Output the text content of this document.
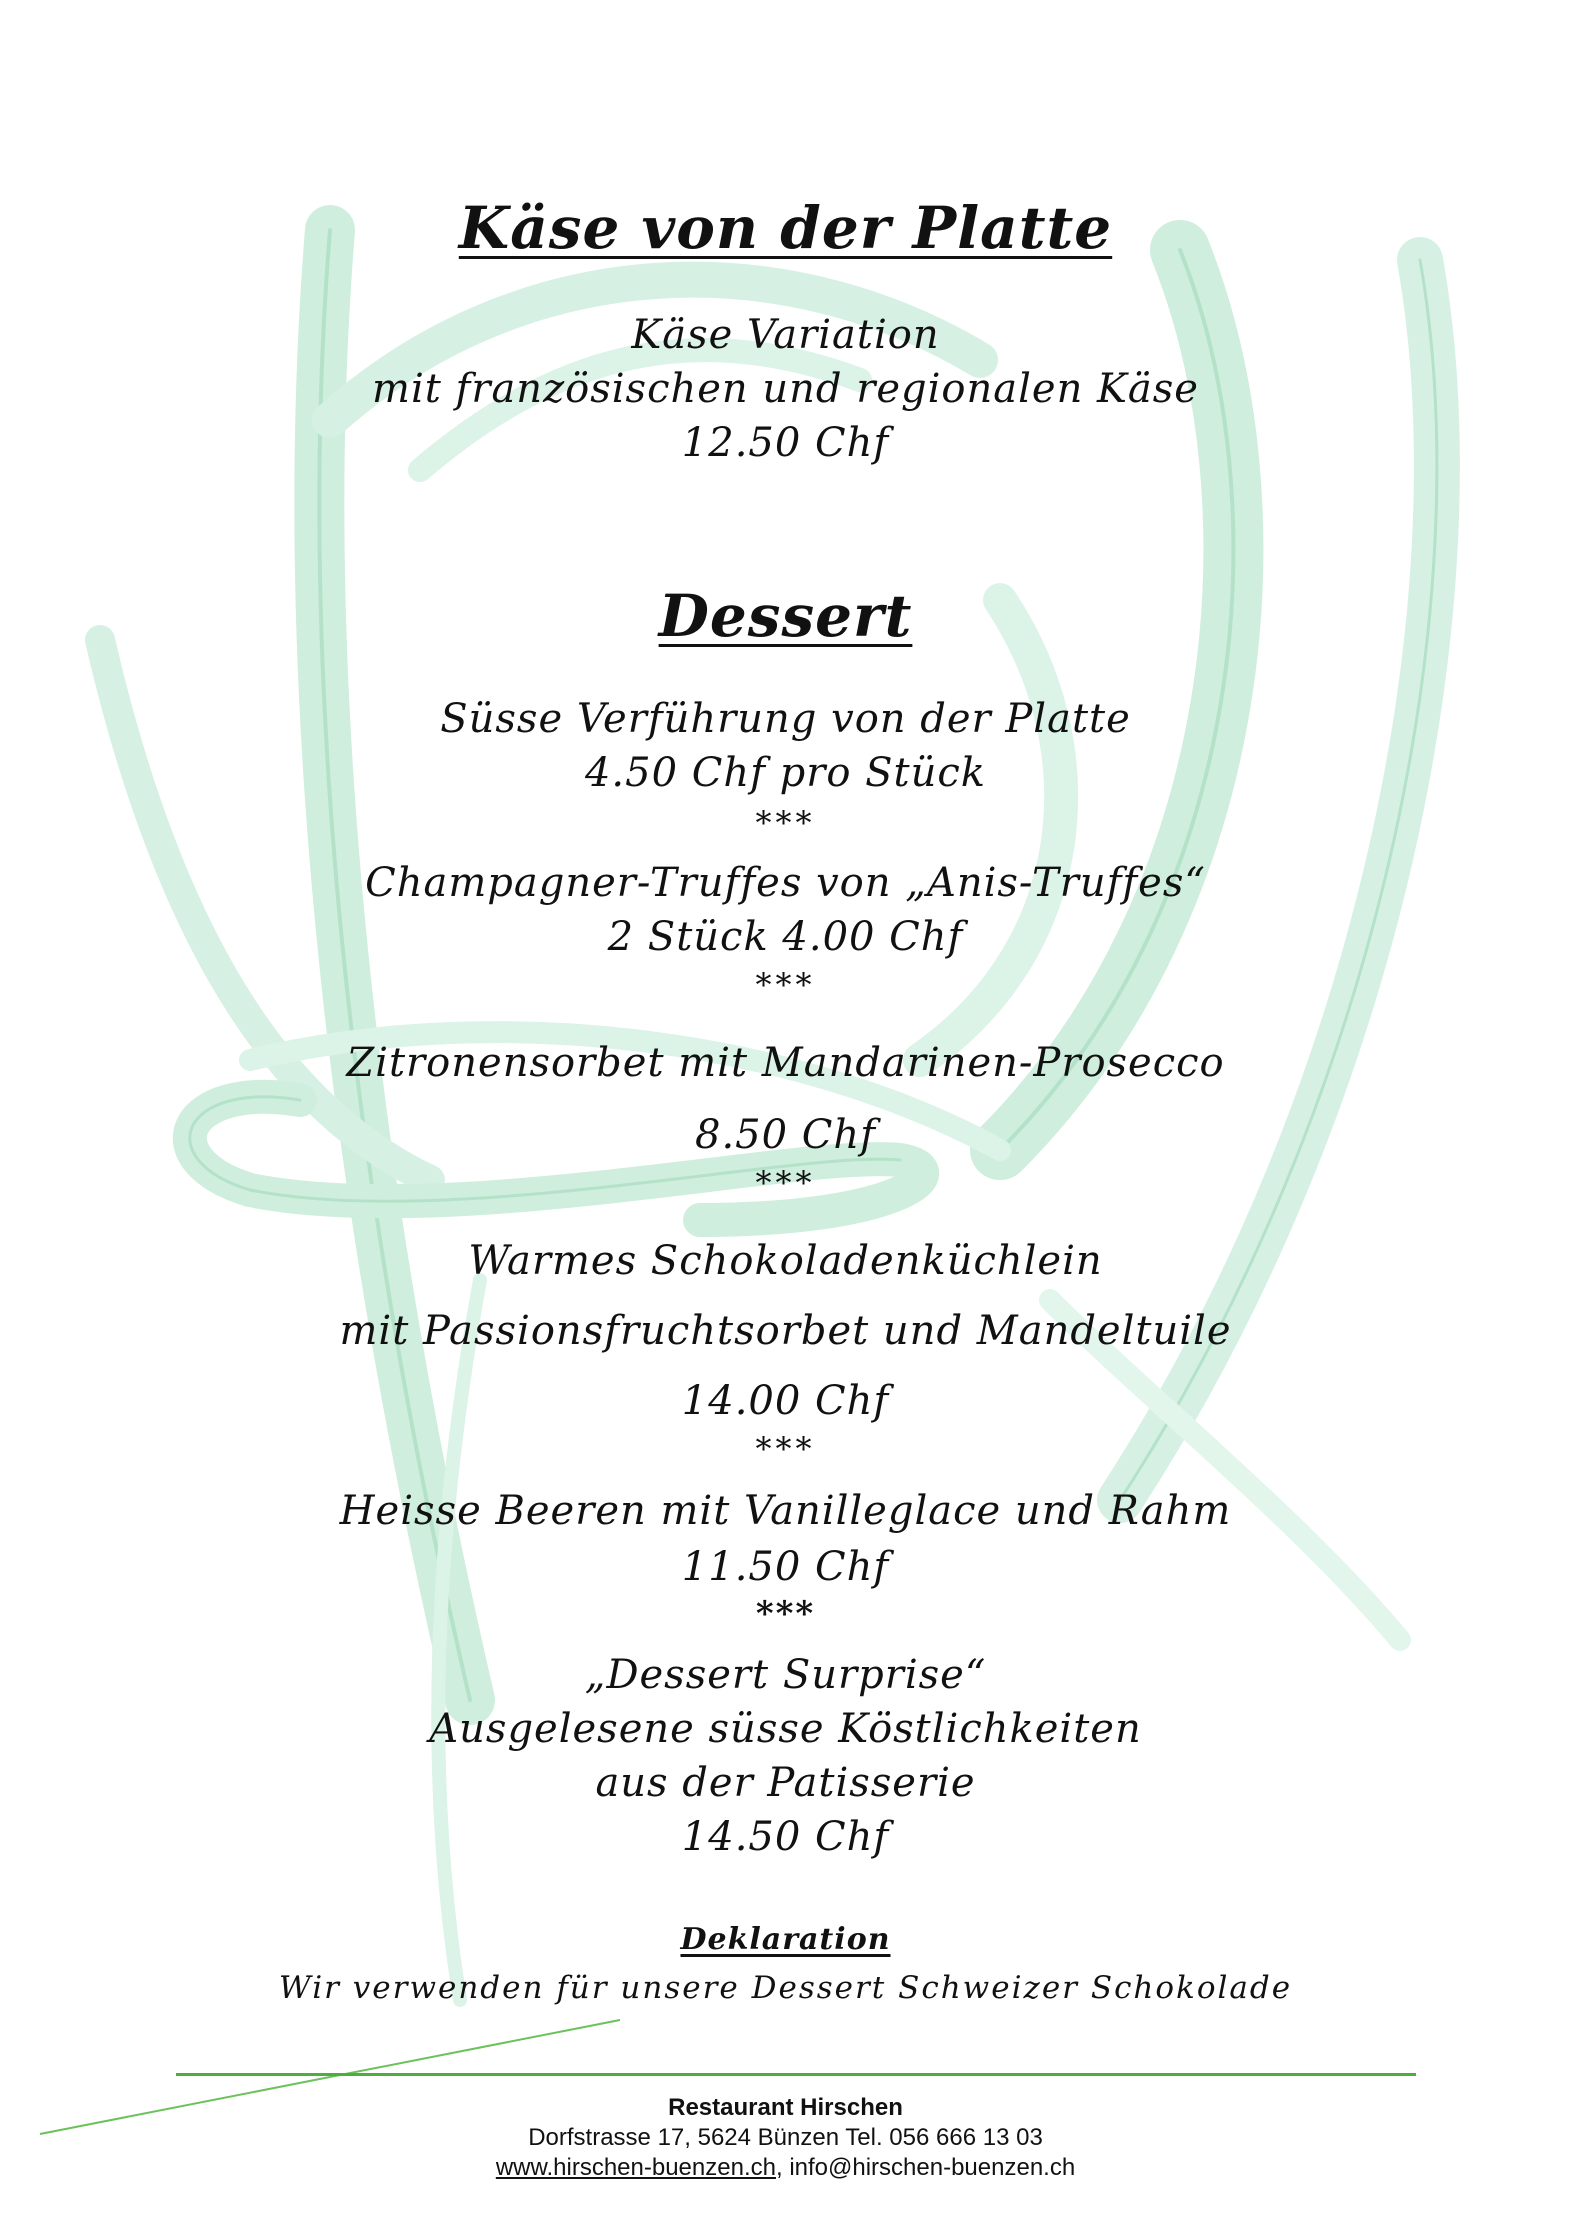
Käse von der Platte
Käse Variation
mit französischen und regionalen Käse
12.50 Chf
Dessert
Süsse Verführung von der Platte
4.50 Chf pro Stück
***
Champagner-Truffes von „Anis-Truffes“
2 Stück 4.00 Chf
***
Zitronensorbet mit Mandarinen-Prosecco
8.50 Chf
***
Warmes Schokoladenküchlein
mit Passionsfruchtsorbet und Mandeltuile
14.00 Chf
***
Heisse Beeren mit Vanilleglace und Rahm
11.50 Chf
***
„Dessert Surprise“
Ausgelesene süsse Köstlichkeiten
aus der Patisserie
14.50 Chf
Deklaration
Wir verwenden für unsere Dessert Schweizer Schokolade
Restaurant Hirschen
Dorfstrasse 17, 5624 Bünzen Tel. 056 666 13 03
www.hirschen-buenzen.ch, info@hirschen-buenzen.ch
